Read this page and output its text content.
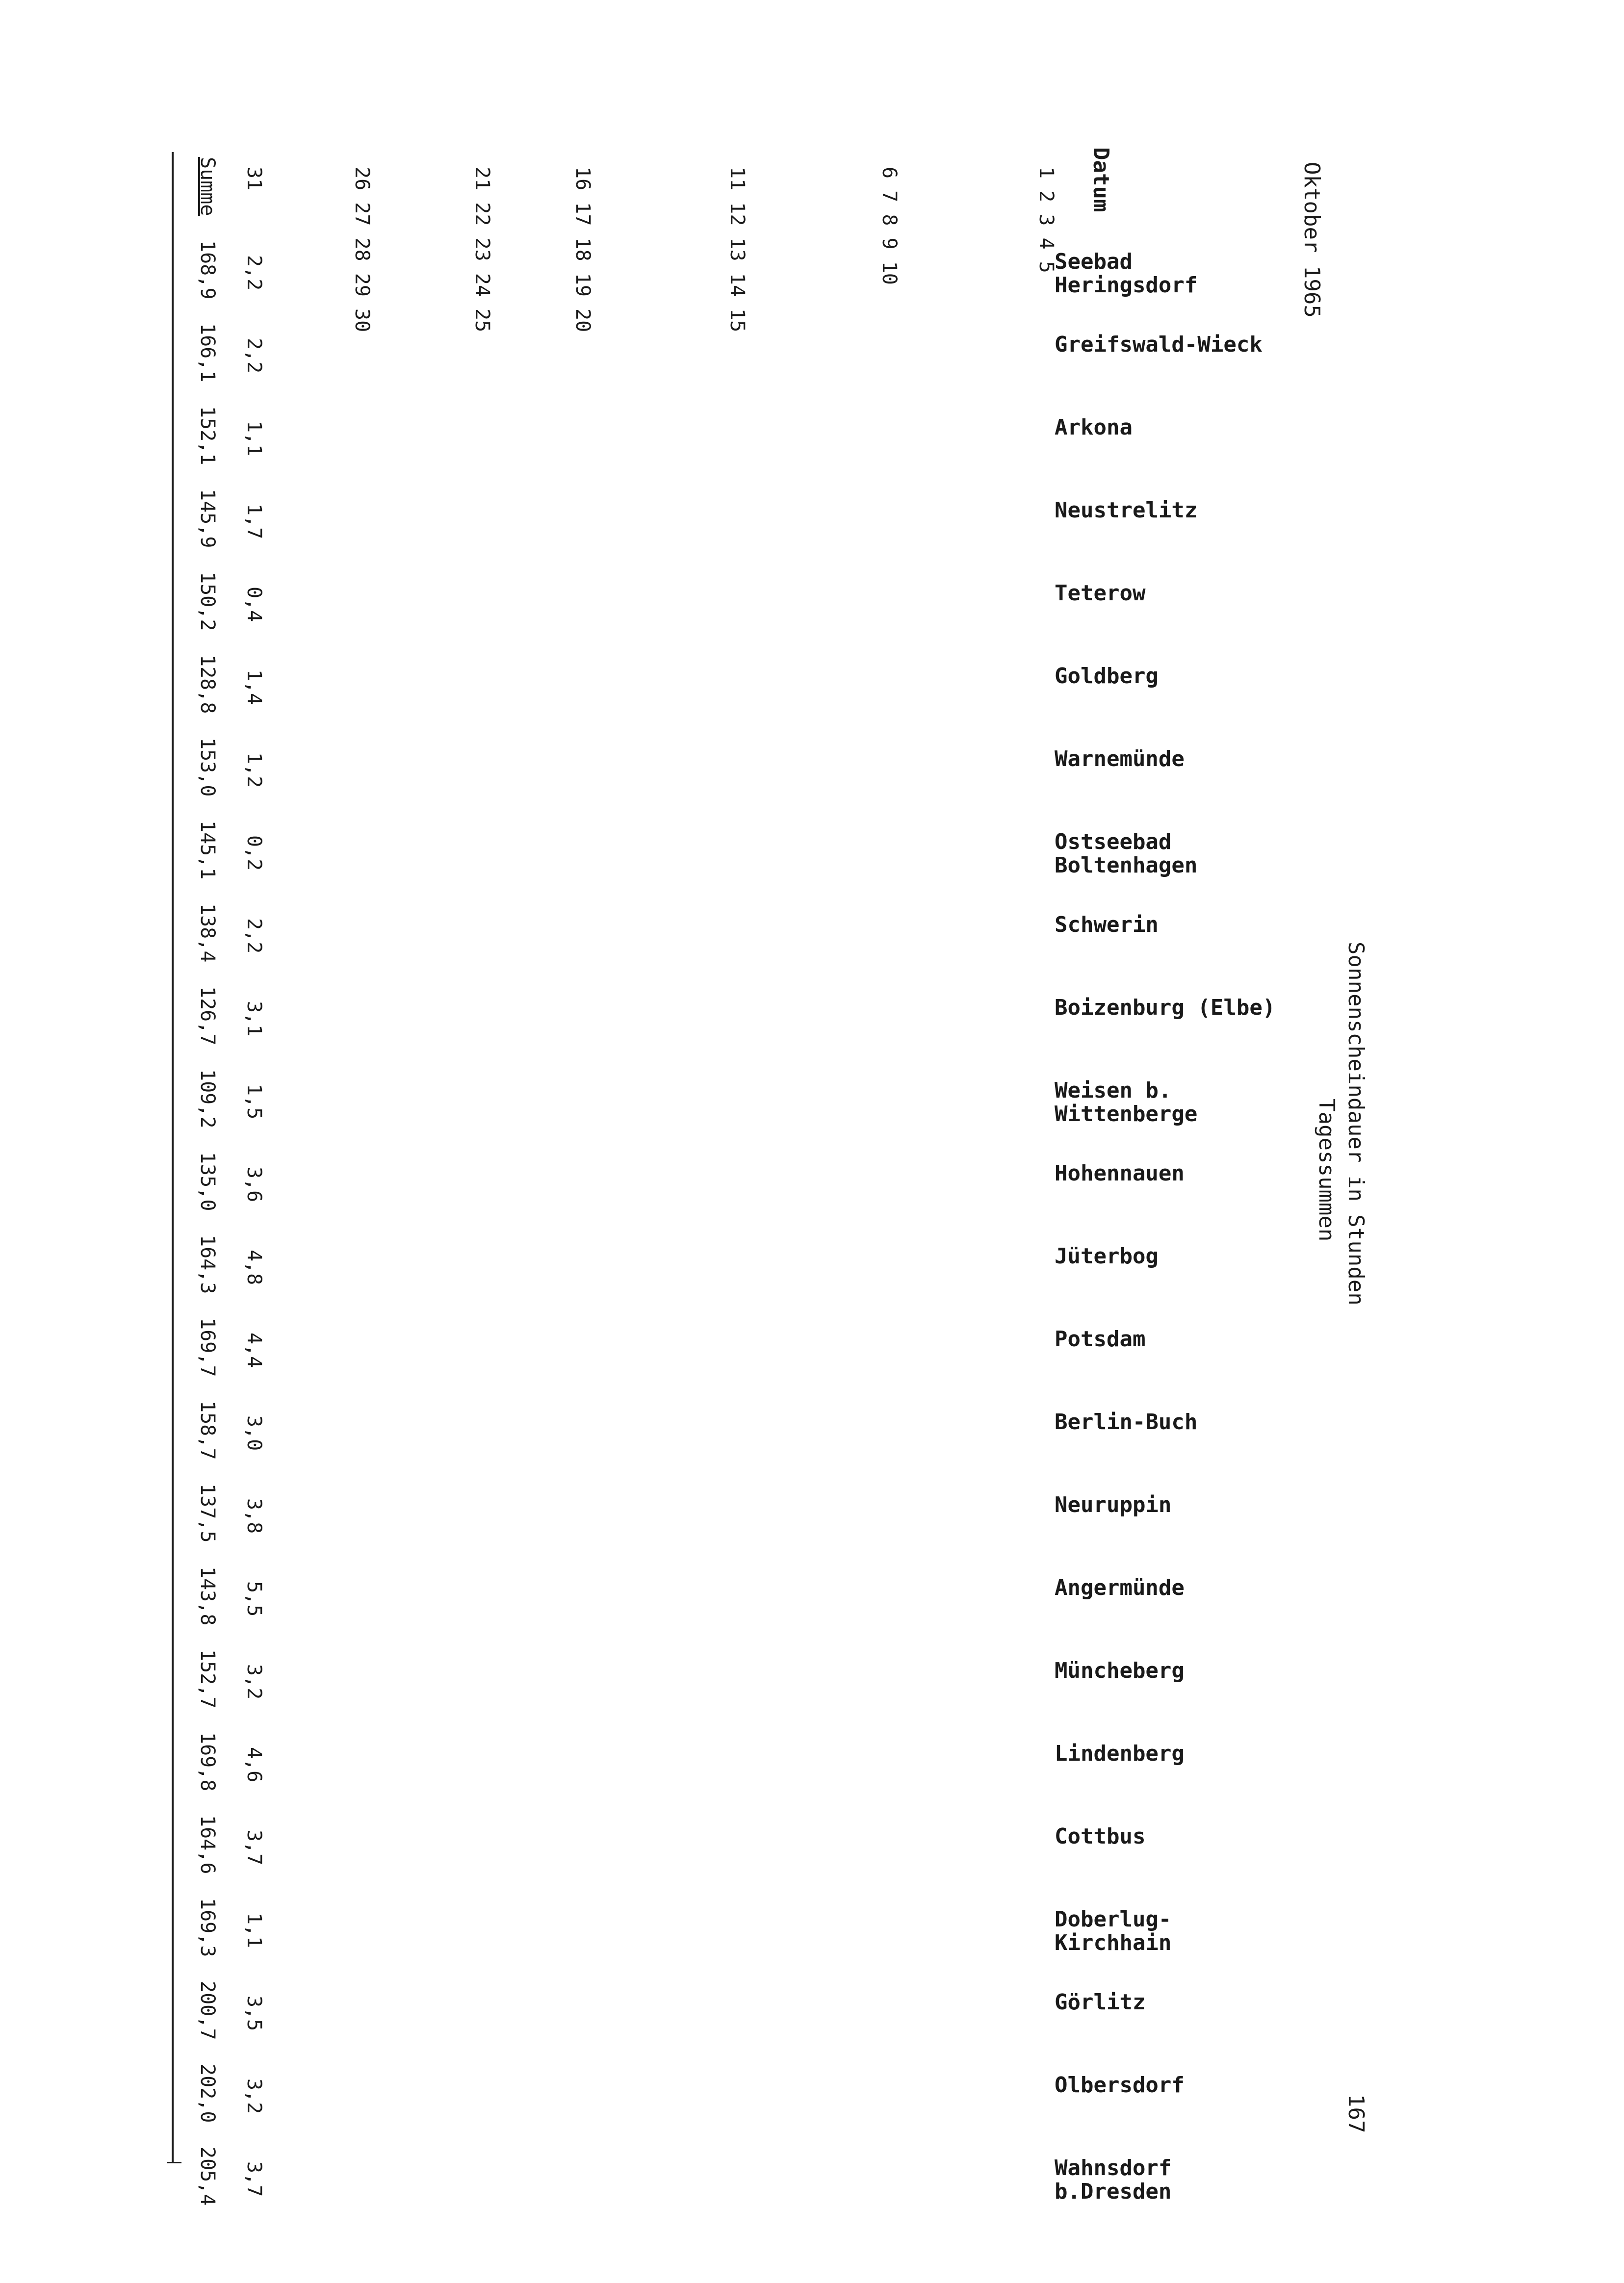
Oktober 1965
Sonnenscheindauer in Stunden
Tagessummen
167
Datum
1 2 3 4 5
6 7 8 9 10
11 12 13 14 15
16 17 18 19 20
21 22 23 24 25
26 27 28 29 30
31
Summe
Seebad
Heringsdorf
168,9 2,2
Greifswald-Wieck
166,1 2,2
Arkona
152,1 1,1
Neustrelitz
145,9 1,7
Teterow
150,2 0,4
Goldberg
128,8 1,4
Warnemünde
153,0 1,2
Ostseebad
Boltenhagen
145,1 0,2
Schwerin
138,4 2,2
Boizenburg (Elbe)
126,7 3,1
Weisen b.
Wittenberge
109,2 1,5
Hohennauen
135,0 3,6
Jüterbog
164,3 4,8
Potsdam
169,7 4,4
Berlin-Buch
158,7 3,0
Neuruppin
137,5 3,8
Angermünde
143,8 5,5
Müncheberg
152,7 3,2
Lindenberg
169,8 4,6
Cottbus
164,6 3,7
Doberlug-
Kirchhain
169,3 1,1
Görlitz
200,7 3,5
Olbersdorf
202,0 3,2
Wahnsdorf
b.Dresden
205,4 3,7
